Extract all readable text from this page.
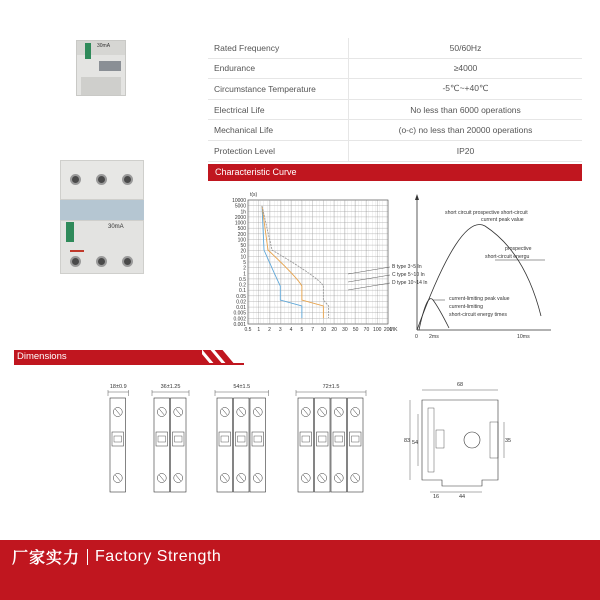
30mA
30mA
Rated Frequency	50/60Hz
Endurance	≥4000
Circumstance Temperature	-5℃~+40℃
Electrical Life	No less than 6000 operations
Mechanical Life	(o-c) no less than 20000 operations
Protection Level	IP20
Characteristic Curve
10000
5000
1h
2000
1000
500
200
100
50
20
10
5
2
1
0.5
0.2
0.1
0.05
0.02
0.01
0.005
0.002
0.001
0.5 1 2 3 4 5 7 10 20 30 50 70 100 200
t(s)
I/IK
B type 3~5 In
C type 5~10 In
D type 10~14 In
short circuit prospective short-circuit
current peak value
prospective
short-circuit energu
current-limiting peak value
current-limiting
short-circuit energy times
0 2ms	10ms
Dimensions
18±0.9	36±1.25	54±1.5	72±1.5	68
83 54	35
16	44
厂家实力 Factory Strength
